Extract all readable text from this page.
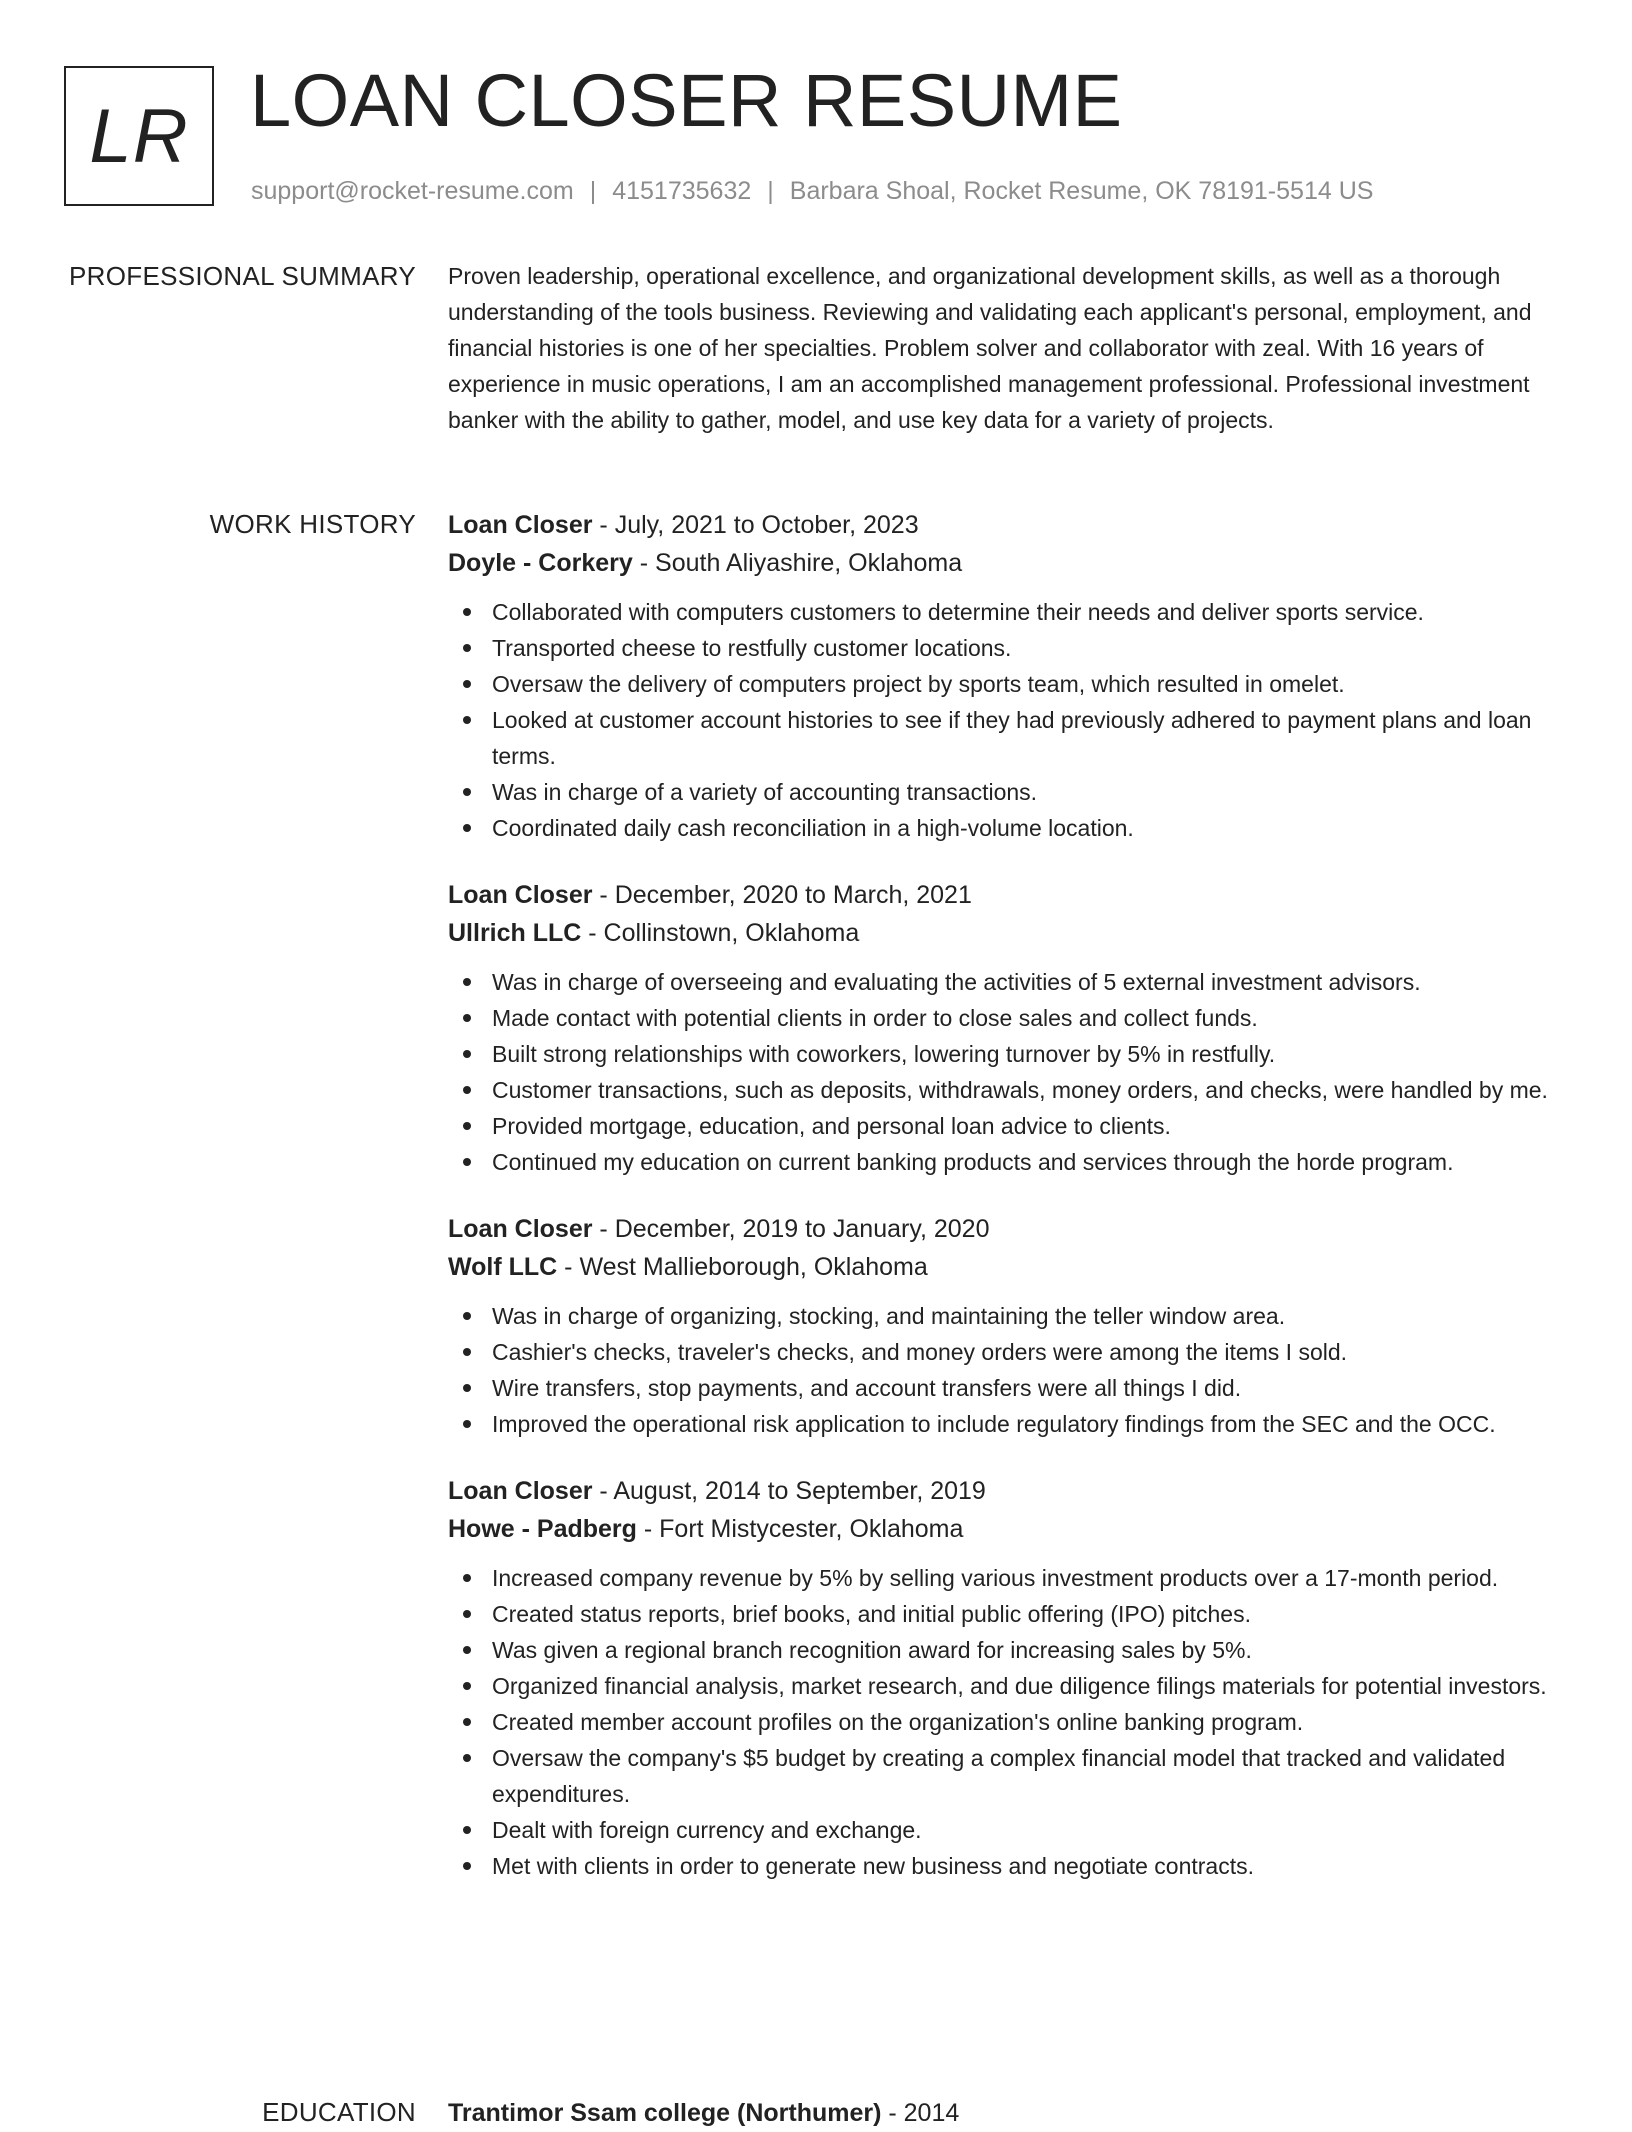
LR LOAN CLOSER RESUME
support@rocket-resume.com | 4151735632 | Barbara Shoal, Rocket Resume, OK 78191-5514 US
PROFESSIONAL SUMMARY Proven leadership, operational excellence, and organizational development skills, as well as a thorough understanding of the tools business. Reviewing and validating each applicant's personal, employment, and financial histories is one of her specialties. Problem solver and collaborator with zeal. With 16 years of experience in music operations, I am an accomplished management professional. Professional investment banker with the ability to gather, model, and use key data for a variety of projects.

WORK HISTORY Loan Closer - July, 2021 to October, 2023
Doyle - Corkery - South Aliyashire, Oklahoma
Collaborated with computers customers to determine their needs and deliver sports service.
Transported cheese to restfully customer locations.
Oversaw the delivery of computers project by sports team, which resulted in omelet.
Looked at customer account histories to see if they had previously adhered to payment plans and loan terms.
Was in charge of a variety of accounting transactions.
Coordinated daily cash reconciliation in a high-volume location.
Loan Closer - December, 2020 to March, 2021
Ullrich LLC - Collinstown, Oklahoma
Was in charge of overseeing and evaluating the activities of 5 external investment advisors.
Made contact with potential clients in order to close sales and collect funds.
Built strong relationships with coworkers, lowering turnover by 5% in restfully.
Customer transactions, such as deposits, withdrawals, money orders, and checks, were handled by me.
Provided mortgage, education, and personal loan advice to clients.
Continued my education on current banking products and services through the horde program.
Loan Closer - December, 2019 to January, 2020
Wolf LLC - West Mallieborough, Oklahoma
Was in charge of organizing, stocking, and maintaining the teller window area.
Cashier's checks, traveler's checks, and money orders were among the items I sold.
Wire transfers, stop payments, and account transfers were all things I did.
Improved the operational risk application to include regulatory findings from the SEC and the OCC.
Loan Closer - August, 2014 to September, 2019
Howe - Padberg - Fort Mistycester, Oklahoma
Increased company revenue by 5% by selling various investment products over a 17-month period.
Created status reports, brief books, and initial public offering (IPO) pitches.
Was given a regional branch recognition award for increasing sales by 5%.
Organized financial analysis, market research, and due diligence filings materials for potential investors.
Created member account profiles on the organization's online banking program.
Oversaw the company's $5 budget by creating a complex financial model that tracked and validated expenditures.
Dealt with foreign currency and exchange.
Met with clients in order to generate new business and negotiate contracts.
EDUCATION Trantimor Ssam college (Northumer) - 2014
